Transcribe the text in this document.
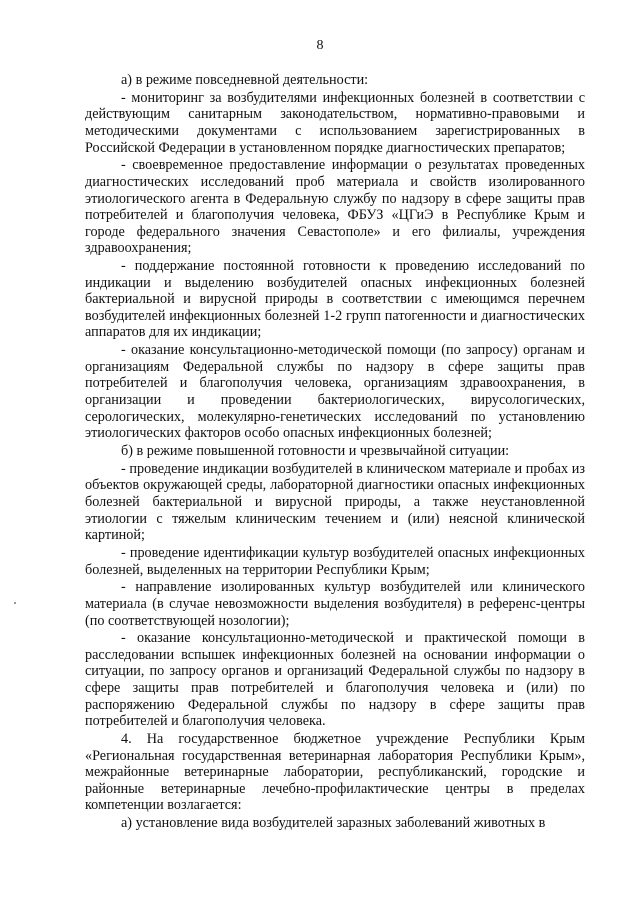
8

а) в режиме повседневной деятельности:

- мониторинг за возбудителями инфекционных болезней в соответствии с действующим санитарным законодательством, нормативно-правовыми и методическими документами с использованием зарегистрированных в Российской Федерации в установленном порядке диагностических препаратов;

- своевременное предоставление информации о результатах проведенных диагностических исследований проб материала и свойств изолированного этиологического агента в Федеральную службу по надзору в сфере защиты прав потребителей и благополучия человека, ФБУЗ «ЦГиЭ в Республике Крым и городе федерального значения Севастополе» и его филиалы, учреждения здравоохранения;

- поддержание постоянной готовности к проведению исследований по индикации и выделению возбудителей опасных инфекционных болезней бактериальной и вирусной природы в соответствии с имеющимся перечнем возбудителей инфекционных болезней 1-2 групп патогенности и диагностических аппаратов для их индикации;

- оказание консультационно-методической помощи (по запросу) органам и организациям Федеральной службы по надзору в сфере защиты прав потребителей и благополучия человека, организациям здравоохранения, в организации и проведении бактериологических, вирусологических, серологических, молекулярно-генетических исследований по установлению этиологических факторов особо опасных инфекционных болезней;

б) в режиме повышенной готовности и чрезвычайной ситуации:

- проведение индикации возбудителей в клиническом материале и пробах из объектов окружающей среды, лабораторной диагностики опасных инфекционных болезней бактериальной и вирусной природы, а также неустановленной этиологии с тяжелым клиническим течением и (или) неясной клинической картиной;

- проведение идентификации культур возбудителей опасных инфекционных болезней, выделенных на территории Республики Крым;

- направление изолированных культур возбудителей или клинического материала (в случае невозможности выделения возбудителя) в референс-центры (по соответствующей нозологии);

- оказание консультационно-методической и практической помощи в расследовании вспышек инфекционных болезней на основании информации о ситуации, по запросу органов и организаций Федеральной службы по надзору в сфере защиты прав потребителей и благополучия человека и (или) по распоряжению Федеральной службы по надзору в сфере защиты прав потребителей и благополучия человека.

4. На государственное бюджетное учреждение Республики Крым «Региональная государственная ветеринарная лаборатория Республики Крым», межрайонные ветеринарные лаборатории, республиканский, городские и районные ветеринарные лечебно-профилактические центры в пределах компетенции возлагается:

а) установление вида возбудителей заразных заболеваний животных в
